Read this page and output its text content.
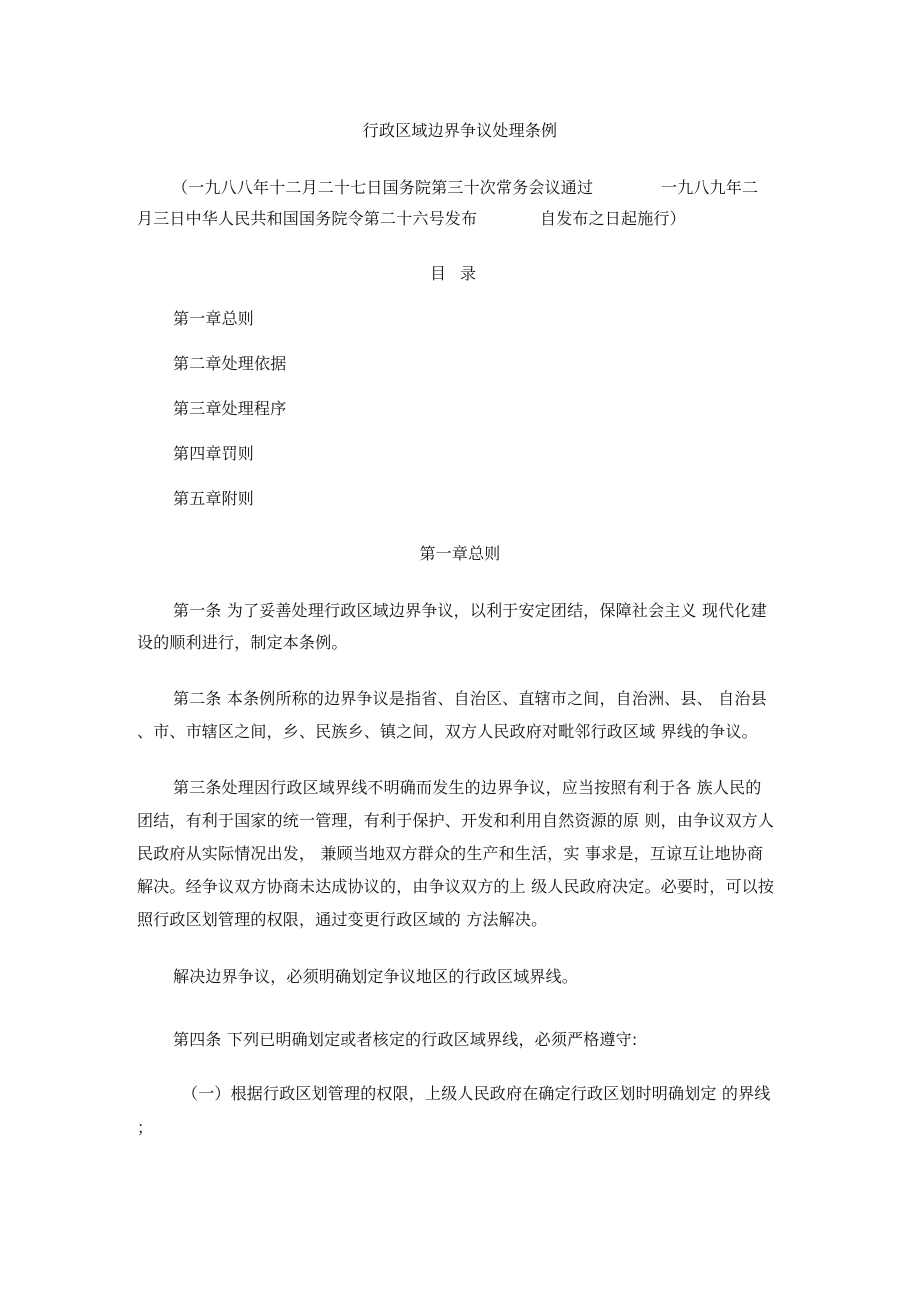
行政区域边界争议处理条例
（一九八八年十二月二十七日国务院第三十次常务会议通过	一九八九年二
月三日中华人民共和国国务院令第二十六号发布	自发布之日起施行）
目录
第一章总则
第二章处理依据
第三章处理程序
第四章罚则
第五章附则
第一章总则
第一条 为了妥善处理行政区域边界争议，以利于安定团结，保障社会主义 现代化建
设的顺利进行，制定本条例。
第二条 本条例所称的边界争议是指省、自治区、直辖市之间，自治洲、县、 自治县
、市、市辖区之间，乡、民族乡、镇之间，双方人民政府对毗邻行政区域 界线的争议。
第三条处理因行政区域界线不明确而发生的边界争议，应当按照有利于各 族人民的
团结，有利于国家的统一管理，有利于保护、开发和利用自然资源的原 则，由争议双方人
民政府从实际情况出发， 兼顾当地双方群众的生产和生活，实 事求是，互谅互让地协商
解决。经争议双方协商未达成协议的，由争议双方的上 级人民政府决定。必要时，可以按
照行政区划管理的权限，通过变更行政区域的 方法解决。
解决边界争议，必须明确划定争议地区的行政区域界线。
第四条 下列已明确划定或者核定的行政区域界线，必须严格遵守:
（一）根据行政区划管理的权限，上级人民政府在确定行政区划时明确划定 的界线
；
